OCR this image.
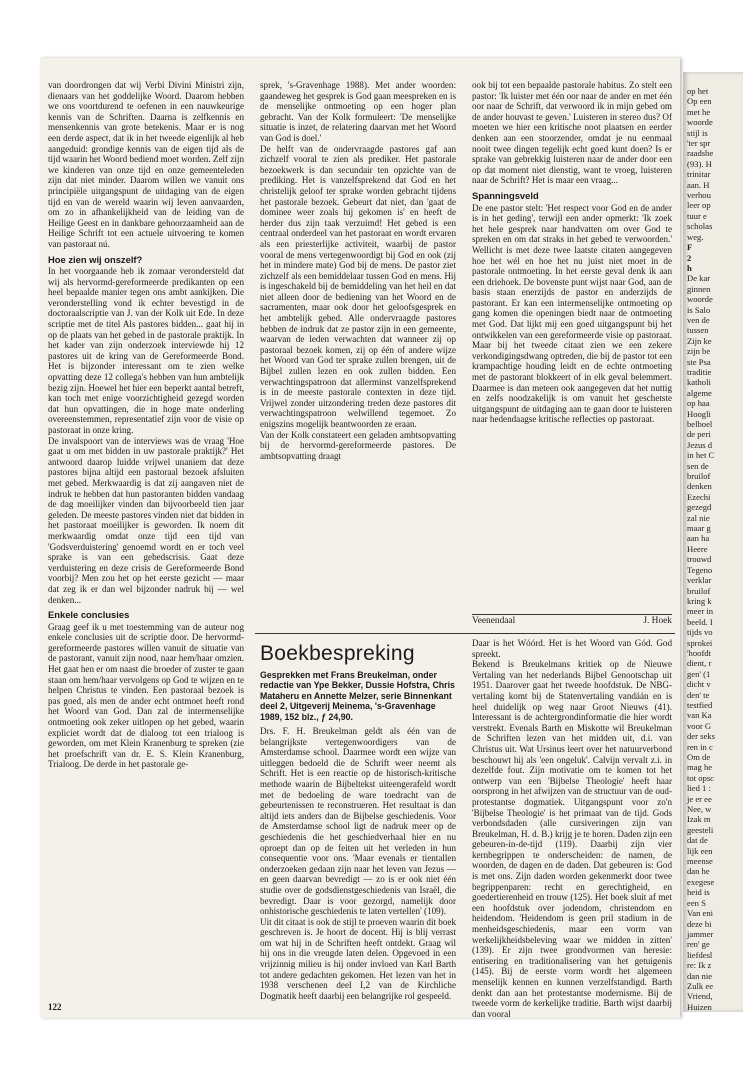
van doordrongen dat wij Verbi Divini Ministri zijn, dienaars van het goddelijke Woord. Daarom hebben we ons voortdurend te oefenen in een nauwkeurige kennis van de Schriften. Daarna is zelfkennis en mensenkennis van grote betekenis. Maar er is nog een derde aspect, dat ik in het tweede eigenlijk al heb aangeduid: grondige kennis van de eigen tijd als de tijd waarin het Woord bediend moet worden. Zelf zijn we kinderen van onze tijd en onze gemeenteleden zijn dat niet minder. Daarom willen we vanuit ons principiële uitgangspunt de uitdaging van de eigen tijd en van de wereld waarin wij leven aanvaarden, om zo in afhankelijkheid van de leiding van de Heilige Geest en in dankbare gehoorzaamheid aan de Heilige Schrift tot een actuele uitvoering te komen van pastoraat nú.

Hoe zien wij onszelf?

In het voorgaande heb ik zomaar verondersteld dat wij als hervormd-gereformeerde predikanten op een heel bepaalde manier tegen ons ambt aankijken. Die veronderstelling vond ik echter bevestigd in de doctoraalscriptie van J. van der Kolk uit Ede. In deze scriptie met de titel Als pastores bidden... gaat hij in op de plaats van het gebed in de pastorale praktijk. In het kader van zijn onderzoek interviewde hij 12 pastores uit de kring van de Gereformeerde Bond. Het is bijzonder interessant om te zien welke opvatting deze 12 collega's hebben van hun ambtelijk bezig zijn. Hoewel het hier een beperkt aantal betreft, kan toch met enige voorzichtigheid gezegd worden dat hun opvattingen, die in hoge mate onderling overeenstemmen, representatief zijn voor de visie op pastoraat in onze kring.

De invalspoort van de interviews was de vraag 'Hoe gaat u om met bidden in uw pastorale praktijk?' Het antwoord daarop luidde vrijwel unaniem dat deze pastores bijna altijd een pastoraal bezoek afsluiten met gebed. Merkwaardig is dat zij aangaven niet de indruk te hebben dat hun pastoranten bidden vandaag de dag moeilijker vinden dan bijvoorbeeld tien jaar geleden. De meeste pastores vinden niet dat bidden in het pastoraat moeilijker is geworden. Ik noem dit merkwaardig omdat onze tijd een tijd van 'Godsverduistering' genoemd wordt en er toch veel sprake is van een gebedscrisis. Gaat deze verduistering en deze crisis de Gereformeerde Bond voorbij? Men zou het op het eerste gezicht — maar dat zeg ik er dan wel bijzonder nadruk bij — wel denken...

Enkele conclusies

Graag geef ik u met toestemming van de auteur nog enkele conclusies uit de scriptie door. De hervormd-gereformeerde pastores willen vanuit de situatie van de pastorant, vanuit zijn nood, naar hem/haar omzien. Het gaat hen er om naast die broeder of zuster te gaan staan om hem/haar vervolgens op God te wijzen en te helpen Christus te vinden. Een pastoraal bezoek is pas goed, als men de ander echt ontmoet heeft rond het Woord van God. Dan zal de intermenselijke ontmoeting ook zeker uitlopen op het gebed, waarin expliciet wordt dat de dialoog tot een trialoog is geworden, om met Klein Kranenburg te spreken (zie het proefschrift van dr. E. S. Klein Kranenburg, Trialoog. De derde in het pastorale ge-

sprek, 's-Gravenhage 1988). Met ander woorden: gaandeweg het gesprek is God gaan meespreken en is de menselijke ontmoeting op een hoger plan gebracht. Van der Kolk formuleert: 'De menselijke situatie is inzet, de relatering daarvan met het Woord van God is doel.'

De helft van de ondervraagde pastores gaf aan zichzelf vooral te zien als prediker. Het pastorale bezoekwerk is dan secundair ten opzichte van de prediking. Het is vanzelfsprekend dat God en het christelijk geloof ter sprake worden gebracht tijdens het pastorale bezoek. Gebeurt dat niet, dan 'gaat de dominee weer zoals hij gekomen is' en heeft de herder dus zijn taak verzuimd! Het gebed is een centraal onderdeel van het pastoraat en wordt ervaren als een priesterlijke activiteit, waarbij de pastor vooral de mens vertegenwoordigt bij God en ook (zij het in mindere mate) God bij de mens. De pastor ziet zichzelf als een bemiddelaar tussen God en mens. Hij is ingeschakeld bij de bemiddeling van het heil en dat niet alleen door de bediening van het Woord en de sacramenten, maar ook door het geloofsgesprek en het ambtelijk gebed. Alle ondervraagde pastores hebben de indruk dat ze pastor zijn in een gemeente, waarvan de leden verwachten dat wanneer zij op pastoraal bezoek komen, zij op één of andere wijze het Woord van God ter sprake zullen brengen, uit de Bijbel zullen lezen en ook zullen bidden. Een verwachtingspatroon dat allerminst vanzelfsprekend is in de meeste pastorale contexten in deze tijd. Vrijwel zonder uitzondering treden deze pastores dit verwachtingspatroon welwillend tegemoet. Zo enigszins mogelijk beantwoorden ze eraan.

Van der Kolk constateert een geladen ambtsopvatting bij de hervormd-gereformeerde pastores. De ambtsopvatting draagt

ook bij tot een bepaalde pastorale habitus. Zo stelt een pastor: 'Ik luister met één oor naar de ander en met één oor naar de Schrift, dat verwoord ik in mijn gebed om de ander houvast te geven.' Luisteren in stereo dus? Of moeten we hier een kritische noot plaatsen en eerder denken aan een stoorzender, omdat je nu eenmaal nooit twee dingen tegelijk echt goed kunt doen? Is er sprake van gebrekkig luisteren naar de ander door een op dat moment niet dienstig, want te vroeg, luisteren naar de Schrift? Het is maar een vraag...

Spanningsveld

De ene pastor stelt: 'Het respect voor God en de ander is in het geding', terwijl een ander opmerkt: 'Ik zoek het hele gesprek naar handvatten om over God te spreken en om dat straks in het gebed te verwoorden.' Wellicht is met deze twee laatste citaten aangegeven hoe het wél en hoe het nu juist niet moet in de pastorale ontmoeting. In het eerste geval denk ik aan een driehoek. De bovenste punt wijst naar God, aan de basis staan enerzijds de pastor en anderzijds de pastorant. Er kan een intermenselijke ontmoeting op gang komen die openingen biedt naar de ontmoeting met God. Dat lijkt mij een goed uitgangspunt bij het ontwikkelen van een gereformeerde visie op pastoraat. Maar bij het tweede citaat zien we een zekere verkondigingsdwang optreden, die bij de pastor tot een krampachtige houding leidt en de echte ontmoeting met de pastorant blokkeert of in elk geval belemmert. Daarmee is dan meteen ook aangegeven dat het nuttig en zelfs noodzakelijk is om vanuit het geschetste uitgangspunt de uitdaging aan te gaan door te luisteren naar hedendaagse kritische reflecties op pastoraat.

Veenendaal	J. Hoek
Boekbespreking
Gesprekken met Frans Breukelman, onder redactie van Ype Bekker, Dussie Hofstra, Chris Mataheru en Annette Melzer, serie Binnenkant deel 2, Uitgeverij Meinema, 's-Gravenhage 1989, 152 blz., ƒ 24,90.

Drs. F. H. Breukelman geldt als één van de belangrijkste vertegenwoordigers van de Amsterdamse school. Daarmee wordt een wijze van uitleggen bedoeld die de Schrift weer neemt als Schrift. Het is een reactie op de historisch-kritische methode waarin de Bijbeltekst uiteengerafeld wordt met de bedoeling de ware toedracht van de gebeurtenissen te reconstrueren. Het resultaat is dan altijd iets anders dan de Bijbelse geschiedenis. Voor de Amsterdamse school ligt de nadruk meer op de geschiedenis die het geschiedverhaal hier en nu oproept dan op de feiten uit het verleden in hun consequentie voor ons. 'Maar evenals er tientallen onderzoeken gedaan zijn naar het leven van Jezus — en geen daarvan bevredigt — zo is er ook niet één studie over de godsdienstgeschiedenis van Israël, die bevredigt. Daar is voor gezorgd, namelijk door onhistorische geschiedenis te laten vertellen' (109).

Uit dit citaat is ook de stijl te proeven waarin dit boek geschreven is. Je hoort de docent. Hij is blij verrast om wat hij in de Schriften heeft ontdekt. Graag wil hij ons in die vreugde laten delen. Opgevoed in een vrijzinnig milieu is hij onder invloed van Karl Barth tot andere gedachten gekomen. Het lezen van het in 1938 verschenen deel I,2 van de Kirchliche Dogmatik heeft daarbij een belangrijke rol gespeeld.

Daar is het Wóórd. Het is het Woord van Gód. God spreekt.

Bekend is Breukelmans kritiek op de Nieuwe Vertaling van het nederlands Bijbel Genootschap uit 1951. Daarover gaat het tweede hoofdstuk. De NBG-vertaling komt bij de Statenvertaling vandáán en is heel duidelijk op weg naar Groot Nieuws (41). Interessant is de achtergrondinformatie die hier wordt verstrekt. Evenals Barth en Miskotte wil Breukelman de Schriften lezen van het midden uit, d.i. van Christus uit. Wat Ursinus leert over het natuurverbond beschouwt hij als 'een ongeluk'. Calvijn vervalt z.i. in dezelfde fout. Zijn motivatie om te komen tot het ontwerp van een 'Bijbelse Theologie' heeft haar oorsprong in het afwijzen van de structuur van de oud-protestantse dogmatiek. Uitgangspunt voor zo'n 'Bijbelse Theologie' is het primaat van de tijd. Gods verbondsdaden (alle cursiveringen zijn van Breukelman, H. d. B.) krijg je te horen. Daden zijn een gebeuren-in-de-tijd (119). Daarbij zijn vier kernbegrippen te onderscheiden: de namen, de woorden, de dagen en de daden. Dat gebeuren is: God is met ons. Zijn daden worden gekenmerkt door twee begrippenparen: recht en gerechtigheid, en goedertierenheid en trouw (125). Het boek sluit af met een hoofdstuk over jodendom, christendom en heidendom. 'Heidendom is geen pril stadium in de menheidsgeschiedenis, maar een vorm van werkelijkheidsbeleving waar we midden in zitten' (139). Er zijn twee grondvormen van heresie: entisering en traditionalisering van het getuigenis (145). Bij de eerste vorm wordt het algemeen menselijk kennen en kunnen verzelfstandigd. Barth denkt dan aan het protestantse modernisme. Bij de tweede vorm de kerkelijke traditie. Barth wijst daarbij dan vooral

122
op het
Op een
met he
woorde
stijl is
'ter spr
raadsbe
(93). H
trinitar
aan. H
verhou
leer op
tuur e
scholas
weg.
F
2
h
De kar
ginnen
woorde
is Salo
ven de
tussen
Zijn ke
zijn be
ste Psa
traditie
katholi
algeme
op haa
Hoogli
belboel
de peri
Jezus d
in het C
sen de
bruilof
denken
Ezechi
gezegd
zal nie
maar g
aan ha
Heere
trouwd
Tegeno
verklar
bruilof
kring k
meer in
beeld. I
tijds vo
sprokei
'hoofdt
dient, r
gen' (1
dicht v
den' te
testfied
van Ka
voor G
der seks
ren in c
Om de
mag he
tot opsc
lied 1 :
je er ee
Nee, w
Izak m
geesteli
dat de
lijk een
meense
dan he
exegese
heid is
een S
Van eni
deze bi
jammer
ren' ge
liefdesl
re: Ik z
dan nie
Zulk ee
Vriend,
Huizen
